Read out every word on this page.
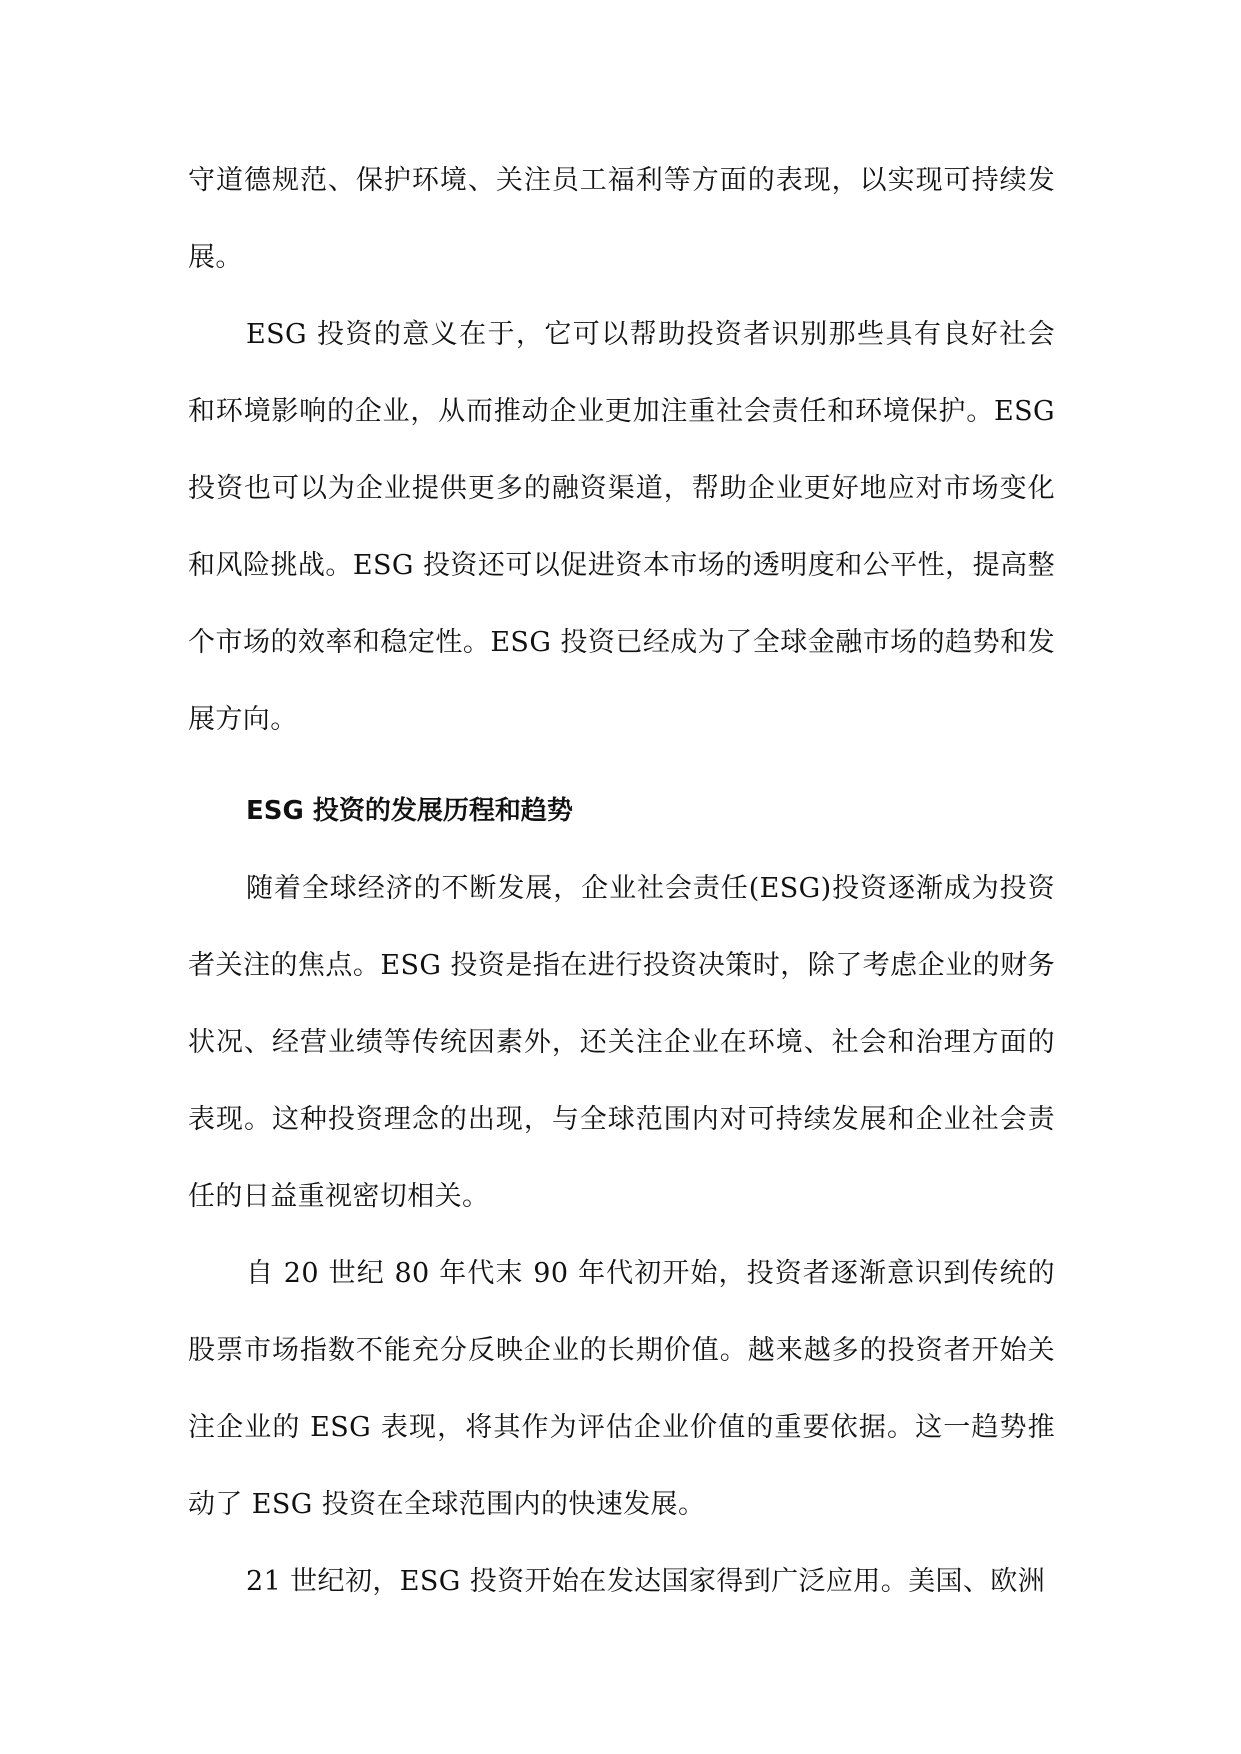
守道德规范、保护环境、关注员工福利等方面的表现，以实现可持续发展。

ESG 投资的意义在于，它可以帮助投资者识别那些具有良好社会和环境影响的企业，从而推动企业更加注重社会责任和环境保护。ESG 投资也可以为企业提供更多的融资渠道，帮助企业更好地应对市场变化和风险挑战。ESG 投资还可以促进资本市场的透明度和公平性，提高整个市场的效率和稳定性。ESG 投资已经成为了全球金融市场的趋势和发展方向。

ESG 投资的发展历程和趋势

随着全球经济的不断发展，企业社会责任(ESG)投资逐渐成为投资者关注的焦点。ESG 投资是指在进行投资决策时，除了考虑企业的财务状况、经营业绩等传统因素外，还关注企业在环境、社会和治理方面的表现。这种投资理念的出现，与全球范围内对可持续发展和企业社会责任的日益重视密切相关。

自 20 世纪 80 年代末 90 年代初开始，投资者逐渐意识到传统的股票市场指数不能充分反映企业的长期价值。越来越多的投资者开始关注企业的 ESG 表现，将其作为评估企业价值的重要依据。这一趋势推动了 ESG 投资在全球范围内的快速发展。

21 世纪初，ESG 投资开始在发达国家得到广泛应用。美国、欧洲
